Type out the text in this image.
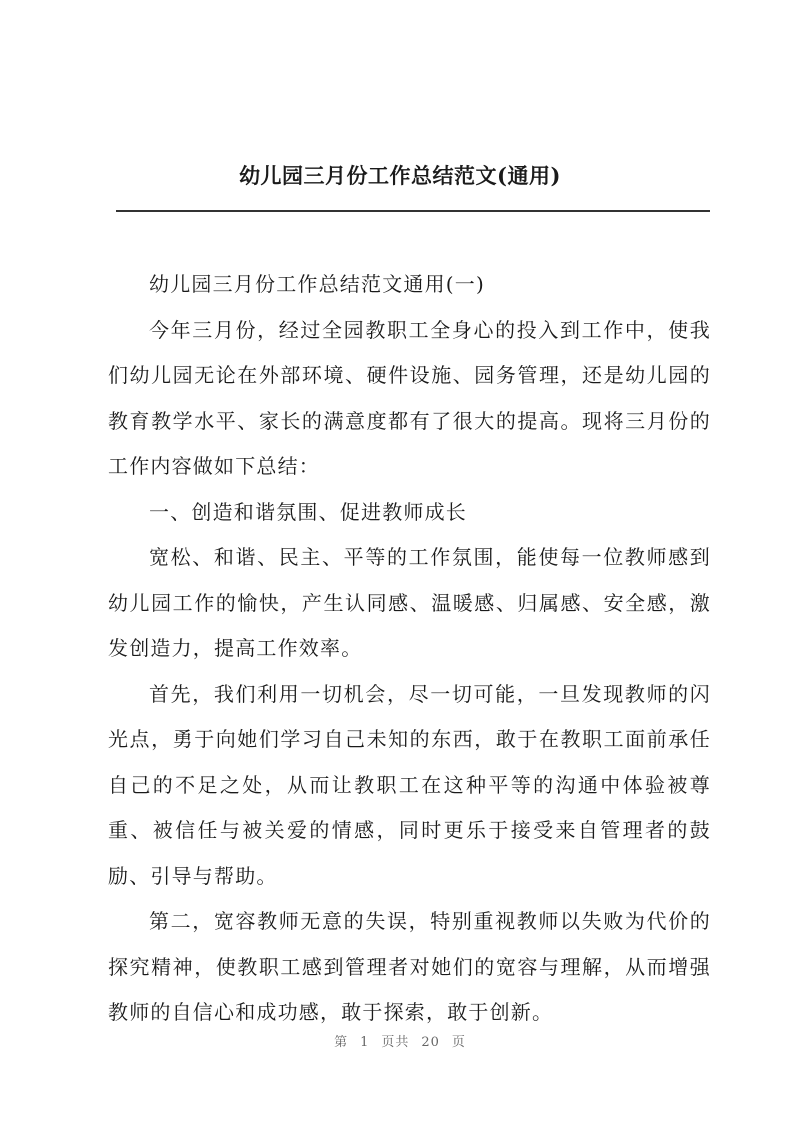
幼儿园三月份工作总结范文(通用)

幼儿园三月份工作总结范文通用(一)

今年三月份，经过全园教职工全身心的投入到工作中，使我们幼儿园无论在外部环境、硬件设施、园务管理，还是幼儿园的教育教学水平、家长的满意度都有了很大的提高。现将三月份的工作内容做如下总结：

一、创造和谐氛围、促进教师成长

宽松、和谐、民主、平等的工作氛围，能使每一位教师感到幼儿园工作的愉快，产生认同感、温暖感、归属感、安全感，激发创造力，提高工作效率。

首先，我们利用一切机会，尽一切可能，一旦发现教师的闪光点，勇于向她们学习自己未知的东西，敢于在教职工面前承任自己的不足之处，从而让教职工在这种平等的沟通中体验被尊重、被信任与被关爱的情感，同时更乐于接受来自管理者的鼓励、引导与帮助。

第二，宽容教师无意的失误，特别重视教师以失败为代价的探究精神，使教职工感到管理者对她们的宽容与理解，从而增强教师的自信心和成功感，敢于探索，敢于创新。

第 1 页共 20 页
